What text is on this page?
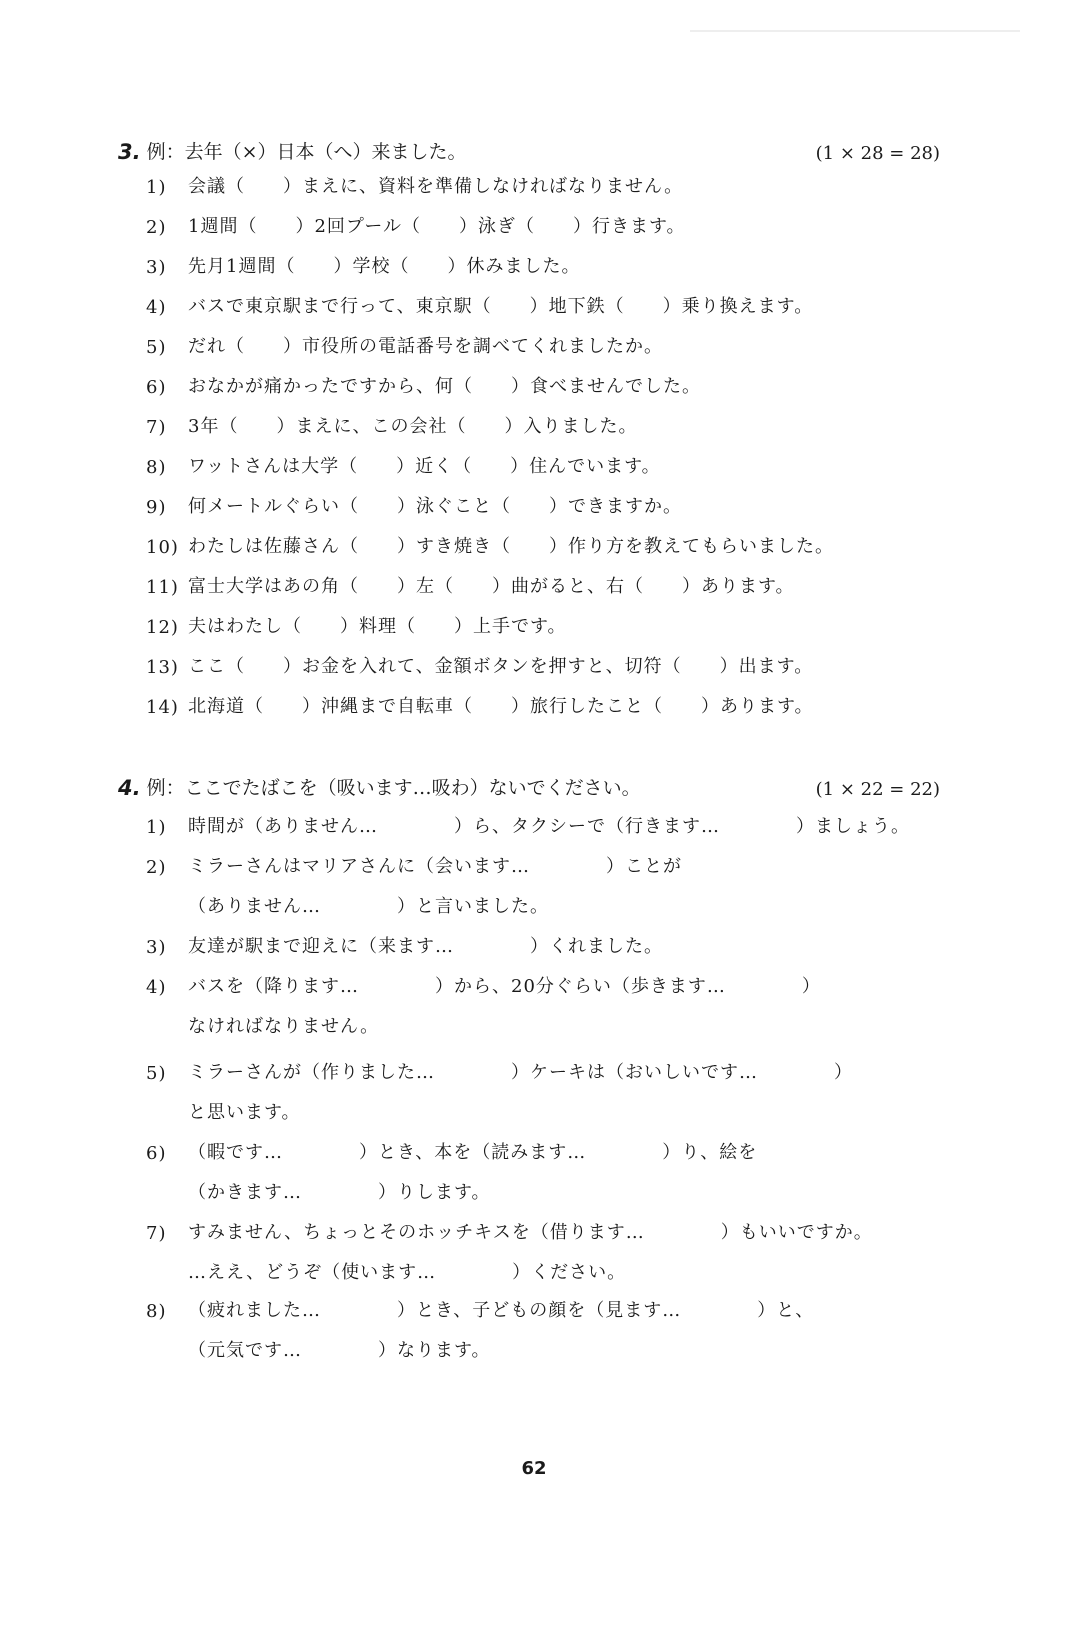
3. 例：去年（×）日本（へ）来ました。	(1 × 28 = 28)
1)	会議（　　）まえに、資料を準備しなければなりません。
2)	1週間（　　）2回プール（　　）泳ぎ（　　）行きます。
3)	先月1週間（　　）学校（　　）休みました。
4)	バスで東京駅まで行って、東京駅（　　）地下鉄（　　）乗り換えます。
5)	だれ（　　）市役所の電話番号を調べてくれましたか。
6)	おなかが痛かったですから、何（　　）食べませんでした。
7)	3年（　　）まえに、この会社（　　）入りました。
8)	ワットさんは大学（　　）近く（　　）住んでいます。
9)	何メートルぐらい（　　）泳ぐこと（　　）できますか。
10) わたしは佐藤さん（　　）すき焼き（　　）作り方を教えてもらいました。
11) 富士大学はあの角（　　）左（　　）曲がると、右（　　）あります。
12) 夫はわたし（　　）料理（　　）上手です。
13) ここ（　　）お金を入れて、金額ボタンを押すと、切符（　　）出ます。
14) 北海道（　　）沖縄まで自転車（　　）旅行したこと（　　）あります。
4. 例：ここでたばこを（吸います…吸わ）ないでください。	(1 × 22 = 22)
1)	時間が（ありません…　　　　）ら、タクシーで（行きます…　　　　）ましょう。
2)	ミラーさんはマリアさんに（会います…　　　　）ことが
（ありません…　　　　）と言いました。
3)	友達が駅まで迎えに（来ます…　　　　）くれました。
4)	バスを（降ります…　　　　）から、20分ぐらい（歩きます…　　　　）
なければなりません。
5)	ミラーさんが（作りました…　　　　）ケーキは（おいしいです…　　　　）
と思います。
6)	（暇です…　　　　）とき、本を（読みます…　　　　）り、絵を
（かきます…　　　　）りします。
7)	すみません、ちょっとそのホッチキスを（借ります…　　　　）もいいですか。
…ええ、どうぞ（使います…　　　　）ください。
8)	（疲れました…　　　　）とき、子どもの顔を（見ます…　　　　）と、
（元気です…　　　　）なります。
62
